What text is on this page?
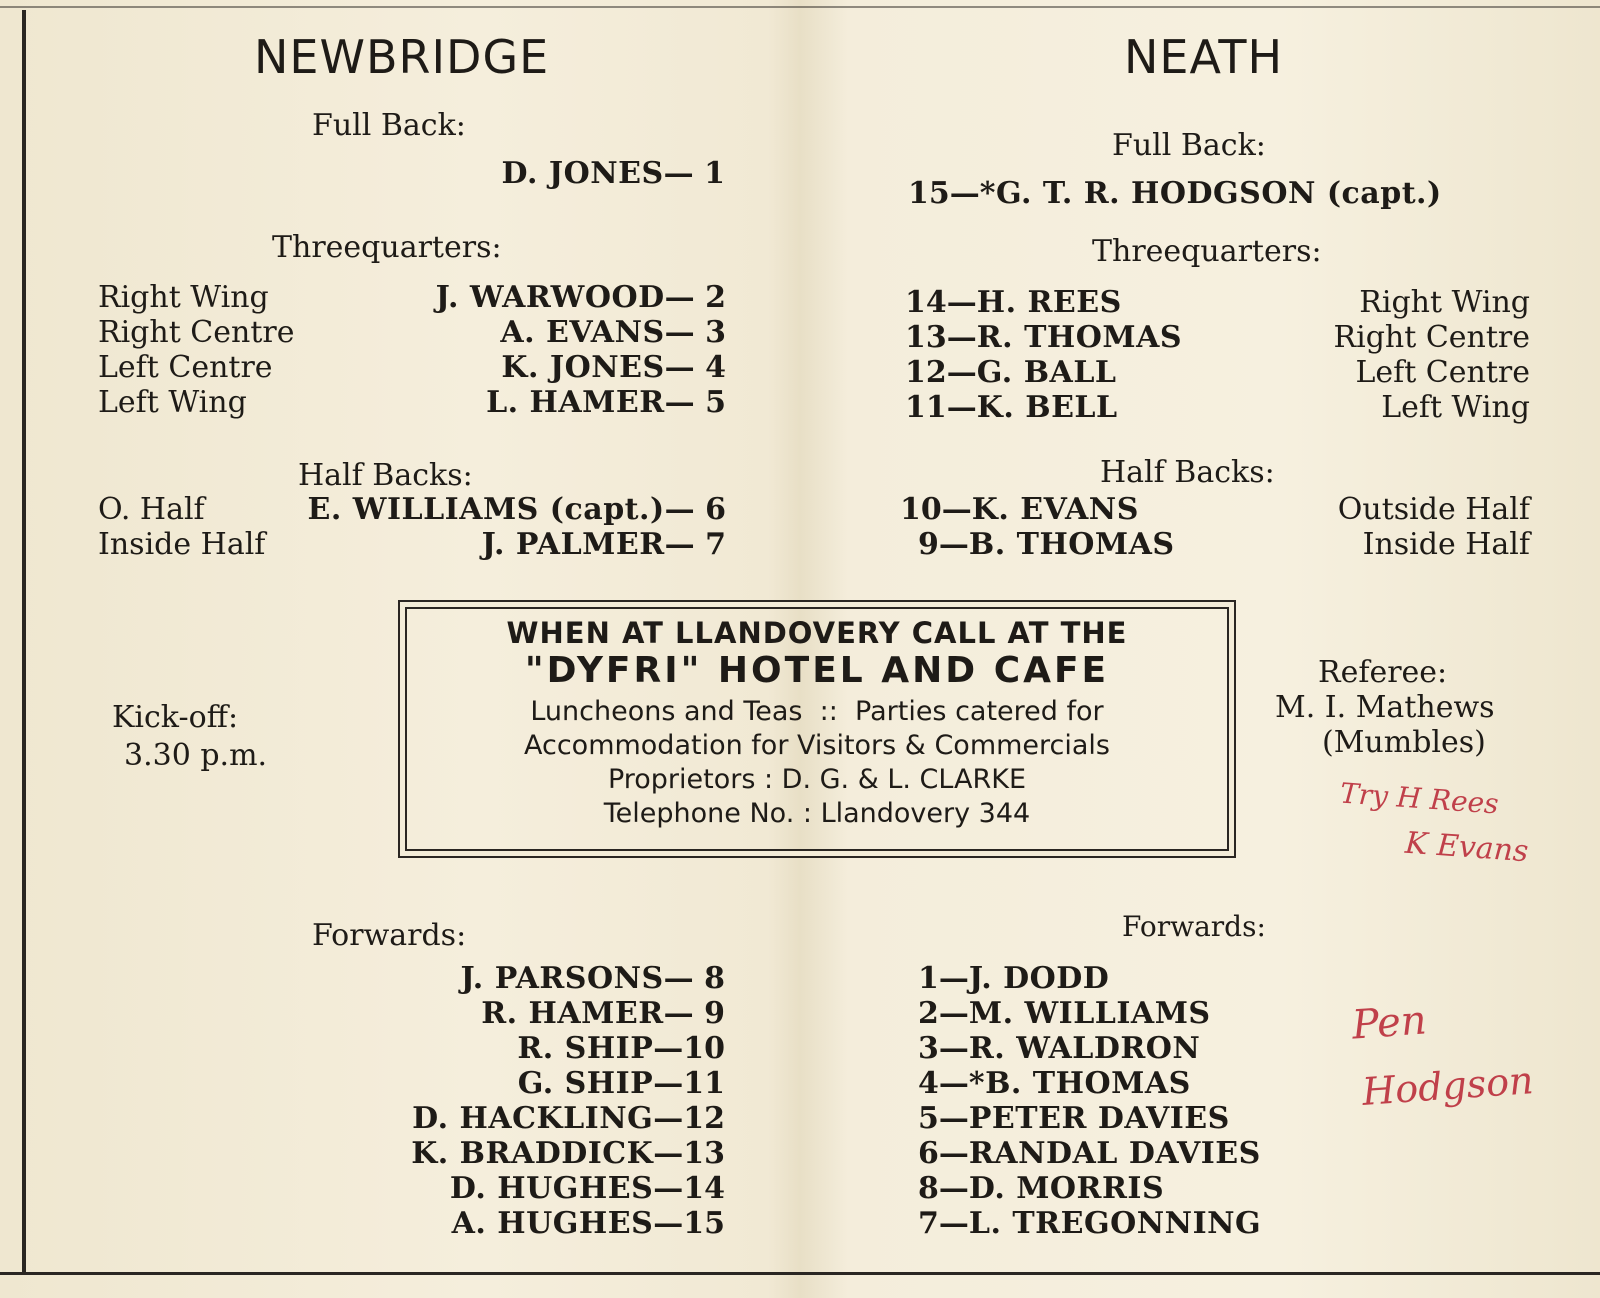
NEWBRIDGE
Full Back:
D. JONES— 1
Threequarters:
Right Wing	J. WARWOOD— 2
Right Centre	A. EVANS— 3
Left Centre	K. JONES— 4
Left Wing	L. HAMER— 5
Half Backs:
O. Half	E. WILLIAMS (capt.)— 6
Inside Half	J. PALMER— 7
Kick-off:
3.30 p.m.
Forwards:
J. PARSONS— 8
R. HAMER— 9
R. SHIP—10
G. SHIP—11
D. HACKLING—12
K. BRADDICK—13
D. HUGHES—14
A. HUGHES—15
NEATH
Full Back:
15—*G. T. R. HODGSON (capt.)
Threequarters:
14—H. REES	Right Wing
13—R. THOMAS	Right Centre
12—G. BALL	Left Centre
11—K. BELL	Left Wing
Half Backs:
10—K. EVANS	Outside Half
9—B. THOMAS	Inside Half
Referee:
M. I. Mathews
(Mumbles)
Forwards:
1—J. DODD
2—M. WILLIAMS
3—R. WALDRON
4—*B. THOMAS
5—PETER DAVIES
6—RANDAL DAVIES
8—D. MORRIS
7—L. TREGONNING
WHEN AT LLANDOVERY CALL AT THE
"DYFRI" HOTEL AND CAFE
Luncheons and Teas  ::  Parties catered for
Accommodation for Visitors & Commercials
Proprietors : D. G. & L. CLARKE
Telephone No. : Llandovery 344	Try H Rees
K Evans
Pen
Hodgson
